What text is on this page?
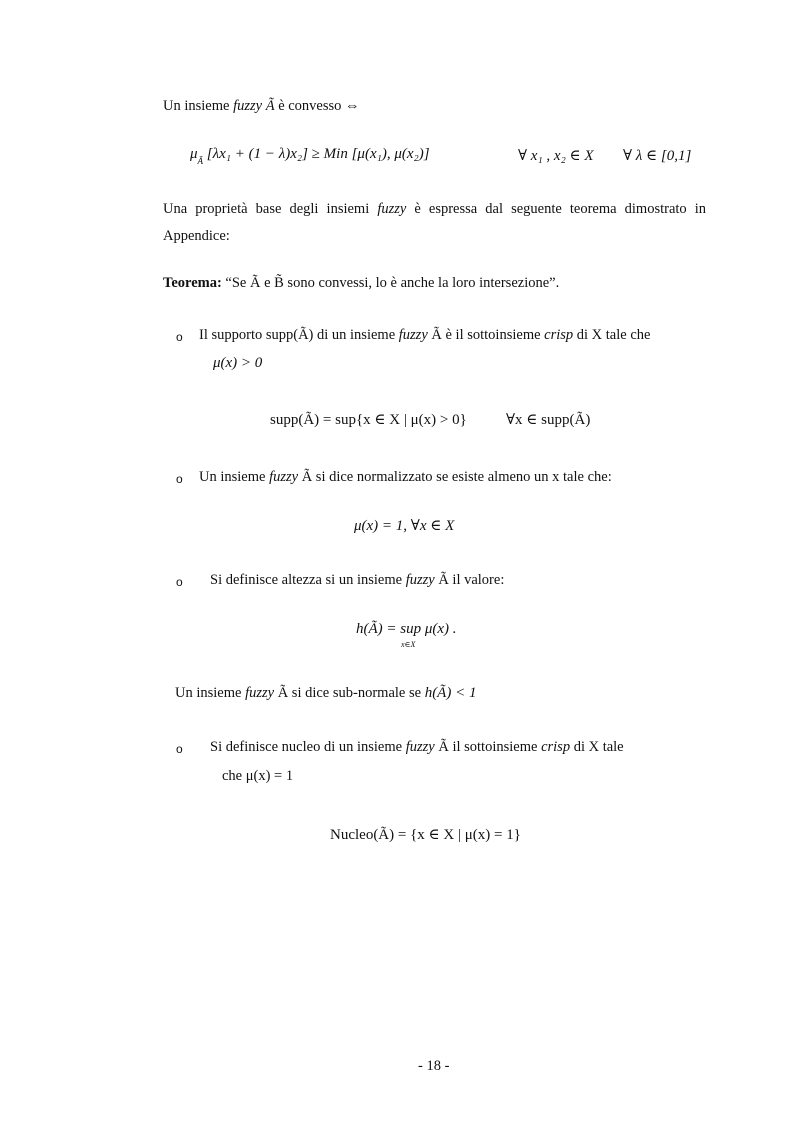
Un insieme fuzzy Ã è convesso ⇔
$\mu_Ã$ [λx₁ + (1 − λ)x₂] ≥ Min [μ(x₁), μ(x₂)]	∀ x₁ , x₂ ∈ X ∀ λ ∈ [0,1]
Una proprietà base degli insiemi fuzzy è espressa dal seguente teorema dimostrato in Appendice:
Teorema: “Se Ã e B̃ sono convessi, lo è anche la loro intersezione”.
o Il supporto supp(Ã) di un insieme fuzzy Ã è il sottoinsieme crisp di X tale che
μ(x) > 0
supp(Ã) = sup{x ∈ X | μ(x) > 0}	∀x ∈ supp(Ã)
o Un insieme fuzzy Ã si dice normalizzato se esiste almeno un x tale che:
μ(x) = 1, ∀x ∈ X
o Si definisce altezza si un insieme fuzzy Ã il valore:
h(Ã) = sup μ(x) .
x∈X
Un insieme fuzzy Ã si dice sub-normale se h(Ã) < 1
o Si definisce nucleo di un insieme fuzzy Ã il sottoinsieme crisp di X tale
che μ(x) = 1
Nucleo(Ã) = {x ∈ X | μ(x) = 1}
- 18 -
